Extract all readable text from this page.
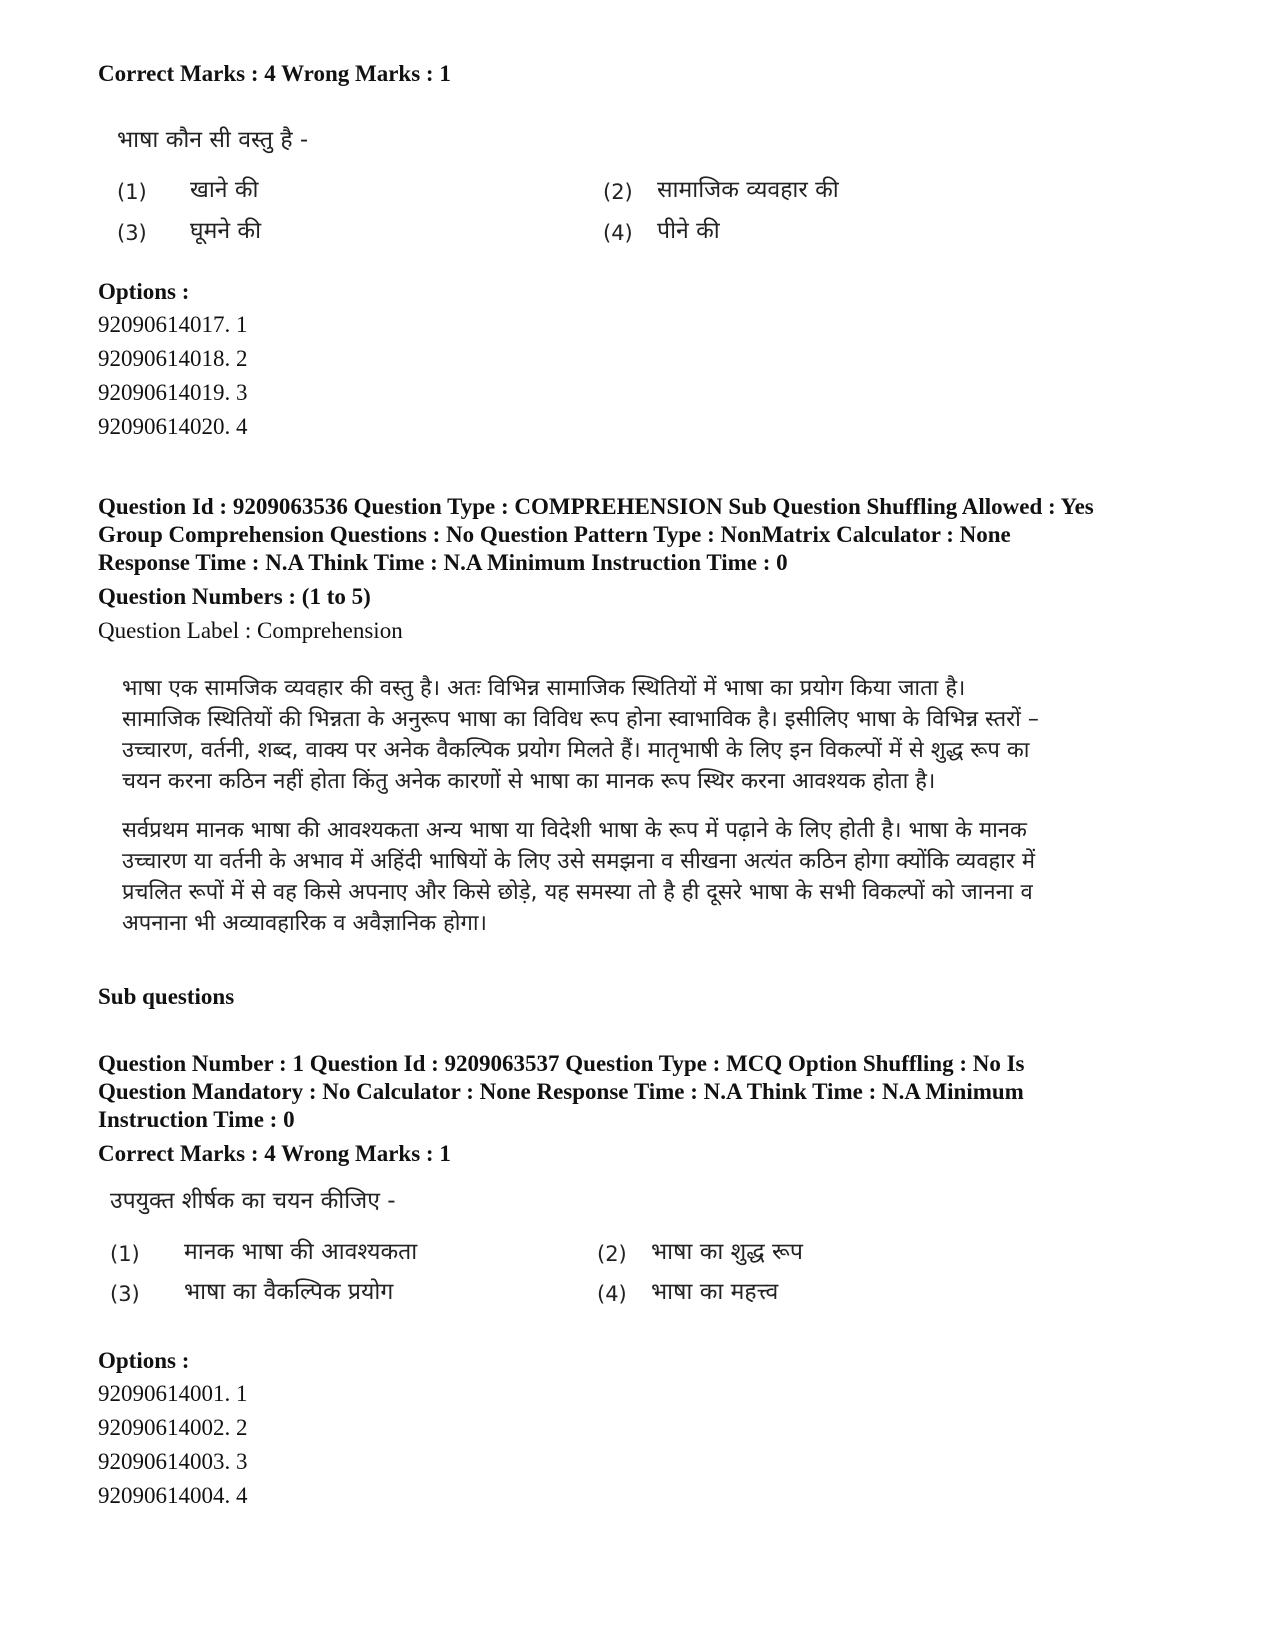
Correct Marks : 4 Wrong Marks : 1
भाषा कौन सी वस्तु है -
(1) खाने की	(2) सामाजिक व्यवहार की
(3) घूमने की	(4) पीने की
Options :
92090614017. 1
92090614018. 2
92090614019. 3
92090614020. 4
Question Id : 9209063536 Question Type : COMPREHENSION Sub Question Shuffling Allowed : Yes
Group Comprehension Questions : No Question Pattern Type : NonMatrix Calculator : None
Response Time : N.A Think Time : N.A Minimum Instruction Time : 0
Question Numbers : (1 to 5)
Question Label : Comprehension
भाषा एक सामजिक व्यवहार की वस्तु है। अतः विभिन्न सामाजिक स्थितियों में भाषा का प्रयोग किया जाता है।
सामाजिक स्थितियों की भिन्नता के अनुरूप भाषा का विविध रूप होना स्वाभाविक है। इसीलिए भाषा के विभिन्न स्तरों –
उच्चारण, वर्तनी, शब्द, वाक्य पर अनेक वैकल्पिक प्रयोग मिलते हैं। मातृभाषी के लिए इन विकल्पों में से शुद्ध रूप का
चयन करना कठिन नहीं होता किंतु अनेक कारणों से भाषा का मानक रूप स्थिर करना आवश्यक होता है।
सर्वप्रथम मानक भाषा की आवश्यकता अन्य भाषा या विदेशी भाषा के रूप में पढ़ाने के लिए होती है। भाषा के मानक
उच्चारण या वर्तनी के अभाव में अहिंदी भाषियों के लिए उसे समझना व सीखना अत्यंत कठिन होगा क्योंकि व्यवहार में
प्रचलित रूपों में से वह किसे अपनाए और किसे छोड़े, यह समस्या तो है ही दूसरे भाषा के सभी विकल्पों को जानना व
अपनाना भी अव्यावहारिक व अवैज्ञानिक होगा।
Sub questions
Question Number : 1 Question Id : 9209063537 Question Type : MCQ Option Shuffling : No Is
Question Mandatory : No Calculator : None Response Time : N.A Think Time : N.A Minimum
Instruction Time : 0
Correct Marks : 4 Wrong Marks : 1
उपयुक्त शीर्षक का चयन कीजिए -
(1) मानक भाषा की आवश्यकता	(2) भाषा का शुद्ध रूप
(3) भाषा का वैकल्पिक प्रयोग	(4) भाषा का महत्त्व
Options :
92090614001. 1
92090614002. 2
92090614003. 3
92090614004. 4
